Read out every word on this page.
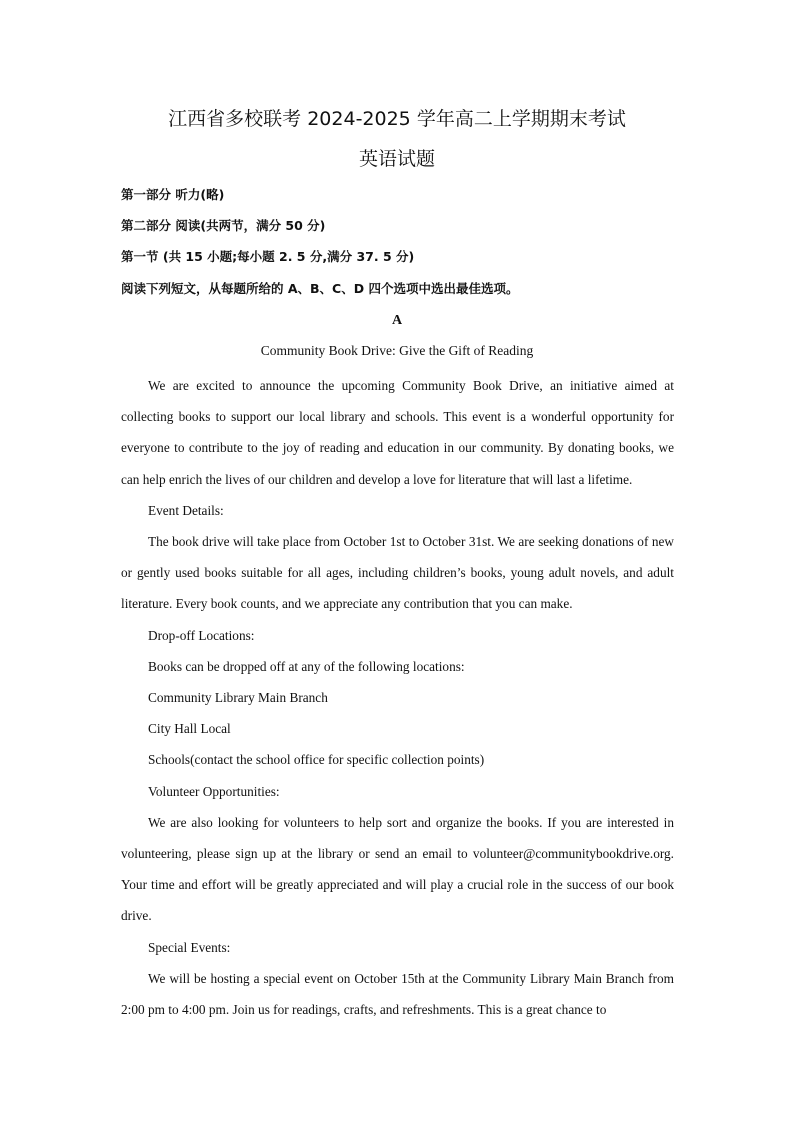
江西省多校联考 2024-2025 学年高二上学期期末考试
英语试题
第一部分 听力(略)
第二部分 阅读(共两节，满分 50 分)
第一节 (共 15 小题;每小题 2. 5 分,满分 37. 5 分)
阅读下列短文，从每题所给的 A、B、C、D 四个选项中选出最佳选项。
A
Community Book Drive: Give the Gift of Reading

We are excited to announce the upcoming Community Book Drive, an initiative aimed at collecting books to support our local library and schools. This event is a wonderful opportunity for everyone to contribute to the joy of reading and education in our community. By donating books, we can help enrich the lives of our children and develop a love for literature that will last a lifetime.

Event Details:

The book drive will take place from October 1st to October 31st. We are seeking donations of new or gently used books suitable for all ages, including children’s books, young adult novels, and adult literature. Every book counts, and we appreciate any contribution that you can make.

Drop-off Locations:

Books can be dropped off at any of the following locations:

Community Library Main Branch

City Hall Local

Schools(contact the school office for specific collection points)

Volunteer Opportunities:

We are also looking for volunteers to help sort and organize the books. If you are interested in volunteering, please sign up at the library or send an email to volunteer@communitybookdrive.org. Your time and effort will be greatly appreciated and will play a crucial role in the success of our book drive.

Special Events:

We will be hosting a special event on October 15th at the Community Library Main Branch from 2:00 pm to 4:00 pm. Join us for readings, crafts, and refreshments. This is a great chance to
